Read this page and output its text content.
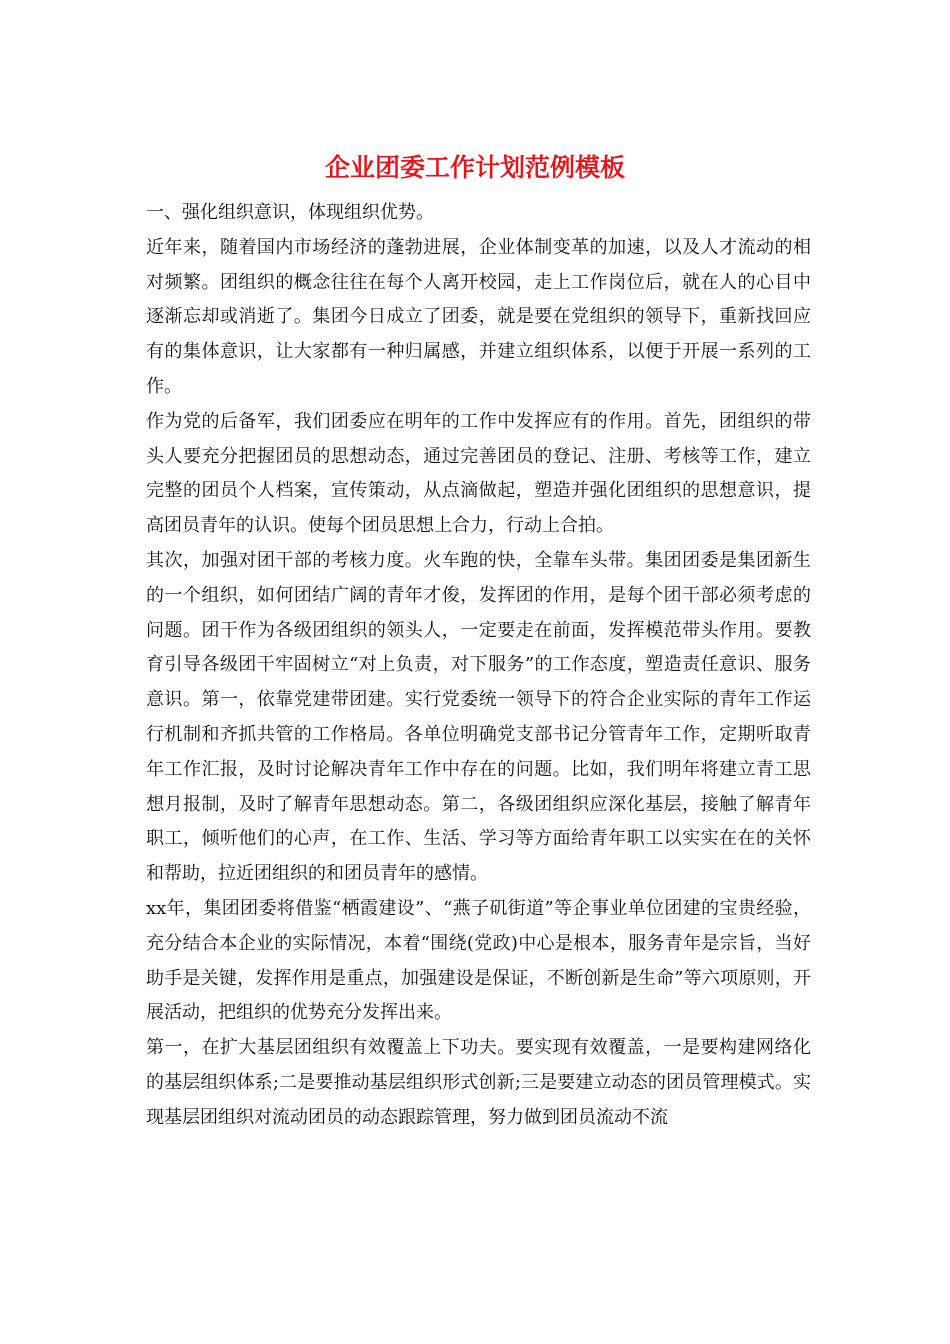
企业团委工作计划范例模板

一、强化组织意识，体现组织优势。

近年来，随着国内市场经济的蓬勃进展，企业体制变革的加速，以及人才流动的相对频繁。团组织的概念往往在每个人离开校园，走上工作岗位后，就在人的心目中逐渐忘却或消逝了。集团今日成立了团委，就是要在党组织的领导下，重新找回应有的集体意识，让大家都有一种归属感，并建立组织体系，以便于开展一系列的工作。

作为党的后备军，我们团委应在明年的工作中发挥应有的作用。首先，团组织的带头人要充分把握团员的思想动态，通过完善团员的登记、注册、考核等工作，建立完整的团员个人档案，宣传策动，从点滴做起，塑造并强化团组织的思想意识，提高团员青年的认识。使每个团员思想上合力，行动上合拍。

其次，加强对团干部的考核力度。火车跑的快，全靠车头带。集团团委是集团新生的一个组织，如何团结广阔的青年才俊，发挥团的作用，是每个团干部必须考虑的问题。团干作为各级团组织的领头人，一定要走在前面，发挥模范带头作用。要教育引导各级团干牢固树立“对上负责，对下服务”的工作态度，塑造责任意识、服务意识。第一，依靠党建带团建。实行党委统一领导下的符合企业实际的青年工作运行机制和齐抓共管的工作格局。各单位明确党支部书记分管青年工作，定期听取青年工作汇报，及时讨论解决青年工作中存在的问题。比如，我们明年将建立青工思想月报制，及时了解青年思想动态。第二，各级团组织应深化基层，接触了解青年职工，倾听他们的心声，在工作、生活、学习等方面给青年职工以实实在在的关怀和帮助，拉近团组织的和团员青年的感情。

xx年，集团团委将借鉴“栖霞建设”、“燕子矶街道”等企事业单位团建的宝贵经验，充分结合本企业的实际情况，本着“围绕(党政)中心是根本，服务青年是宗旨，当好助手是关键，发挥作用是重点，加强建设是保证，不断创新是生命”等六项原则，开展活动，把组织的优势充分发挥出来。

第一，在扩大基层团组织有效覆盖上下功夫。要实现有效覆盖，一是要构建网络化的基层组织体系;二是要推动基层组织形式创新;三是要建立动态的团员管理模式。实现基层团组织对流动团员的动态跟踪管理，努力做到团员流动不流
